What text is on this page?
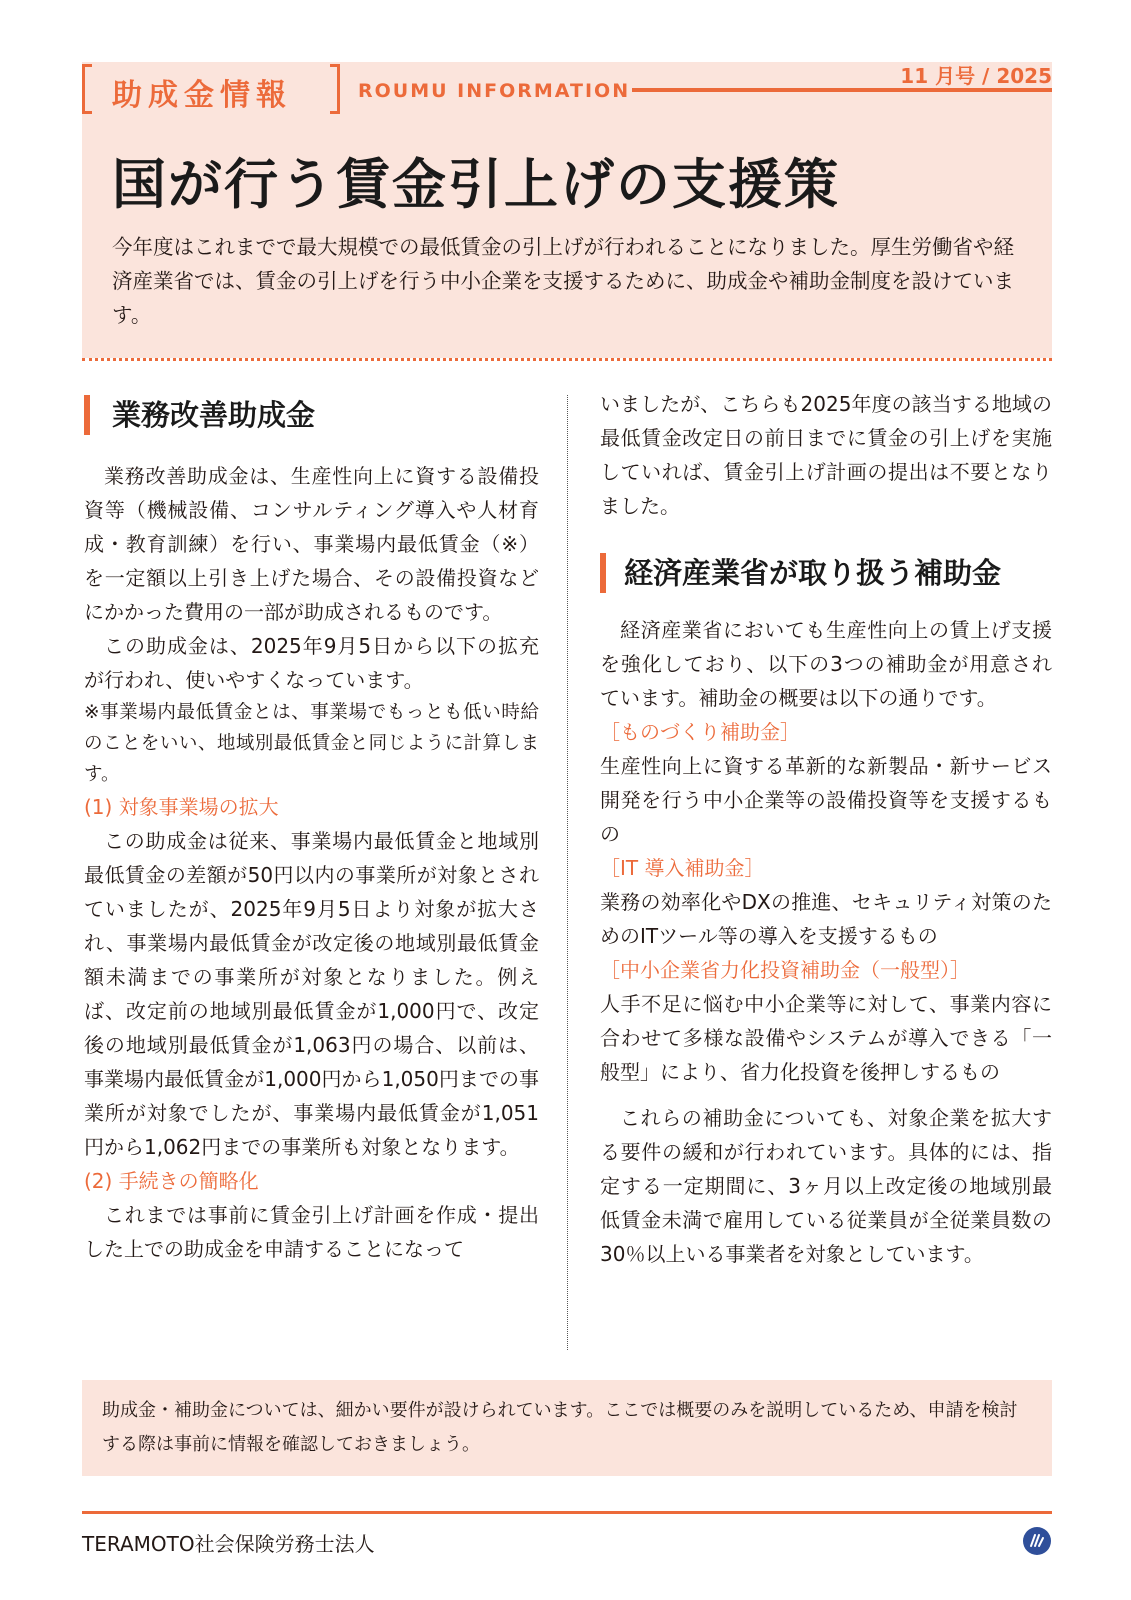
助成金情報	ROUMU INFORMATION
11 月号 / 2025
国が行う賃金引上げの支援策

今年度はこれまでで最大規模での最低賃金の引上げが行われることになりました。厚生労働省や経済産業省では、賃金の引上げを行う中小企業を支援するために、助成金や補助金制度を設けています。

業務改善助成金

業務改善助成金は、生産性向上に資する設備投資等（機械設備、コンサルティング導入や人材育成・教育訓練）を行い、事業場内最低賃金（※）を一定額以上引き上げた場合、その設備投資などにかかった費用の一部が助成されるものです。

この助成金は、2025年9月5日から以下の拡充が行われ、使いやすくなっています。

※事業場内最低賃金とは、事業場でもっとも低い時給のことをいい、地域別最低賃金と同じように計算します。

(1) 対象事業場の拡大

この助成金は従来、事業場内最低賃金と地域別最低賃金の差額が50円以内の事業所が対象とされていましたが、2025年9月5日より対象が拡大され、事業場内最低賃金が改定後の地域別最低賃金額未満までの事業所が対象となりました。例えば、改定前の地域別最低賃金が1,000円で、改定後の地域別最低賃金が1,063円の場合、以前は、事業場内最低賃金が1,000円から1,050円までの事業所が対象でしたが、事業場内最低賃金が1,051円から1,062円までの事業所も対象となります。

(2) 手続きの簡略化

これまでは事前に賃金引上げ計画を作成・提出した上での助成金を申請することになって

いましたが、こちらも2025年度の該当する地域の最低賃金改定日の前日までに賃金の引上げを実施していれば、賃金引上げ計画の提出は不要となりました。

経済産業省が取り扱う補助金

経済産業省においても生産性向上の賃上げ支援を強化しており、以下の3つの補助金が用意されています。補助金の概要は以下の通りです。

［ものづくり補助金］

生産性向上に資する革新的な新製品・新サービス開発を行う中小企業等の設備投資等を支援するもの

［IT 導入補助金］

業務の効率化やDXの推進、セキュリティ対策のためのITツール等の導入を支援するもの

［中小企業省力化投資補助金（一般型）］

人手不足に悩む中小企業等に対して、事業内容に合わせて多様な設備やシステムが導入できる「一般型」により、省力化投資を後押しするもの

これらの補助金についても、対象企業を拡大する要件の緩和が行われています。具体的には、指定する一定期間に、3ヶ月以上改定後の地域別最低賃金未満で雇用している従業員が全従業員数の30％以上いる事業者を対象としています。

助成金・補助金については、細かい要件が設けられています。ここでは概要のみを説明しているため、申請を検討する際は事前に情報を確認しておきましょう。
TERAMOTO社会保険労務士法人
